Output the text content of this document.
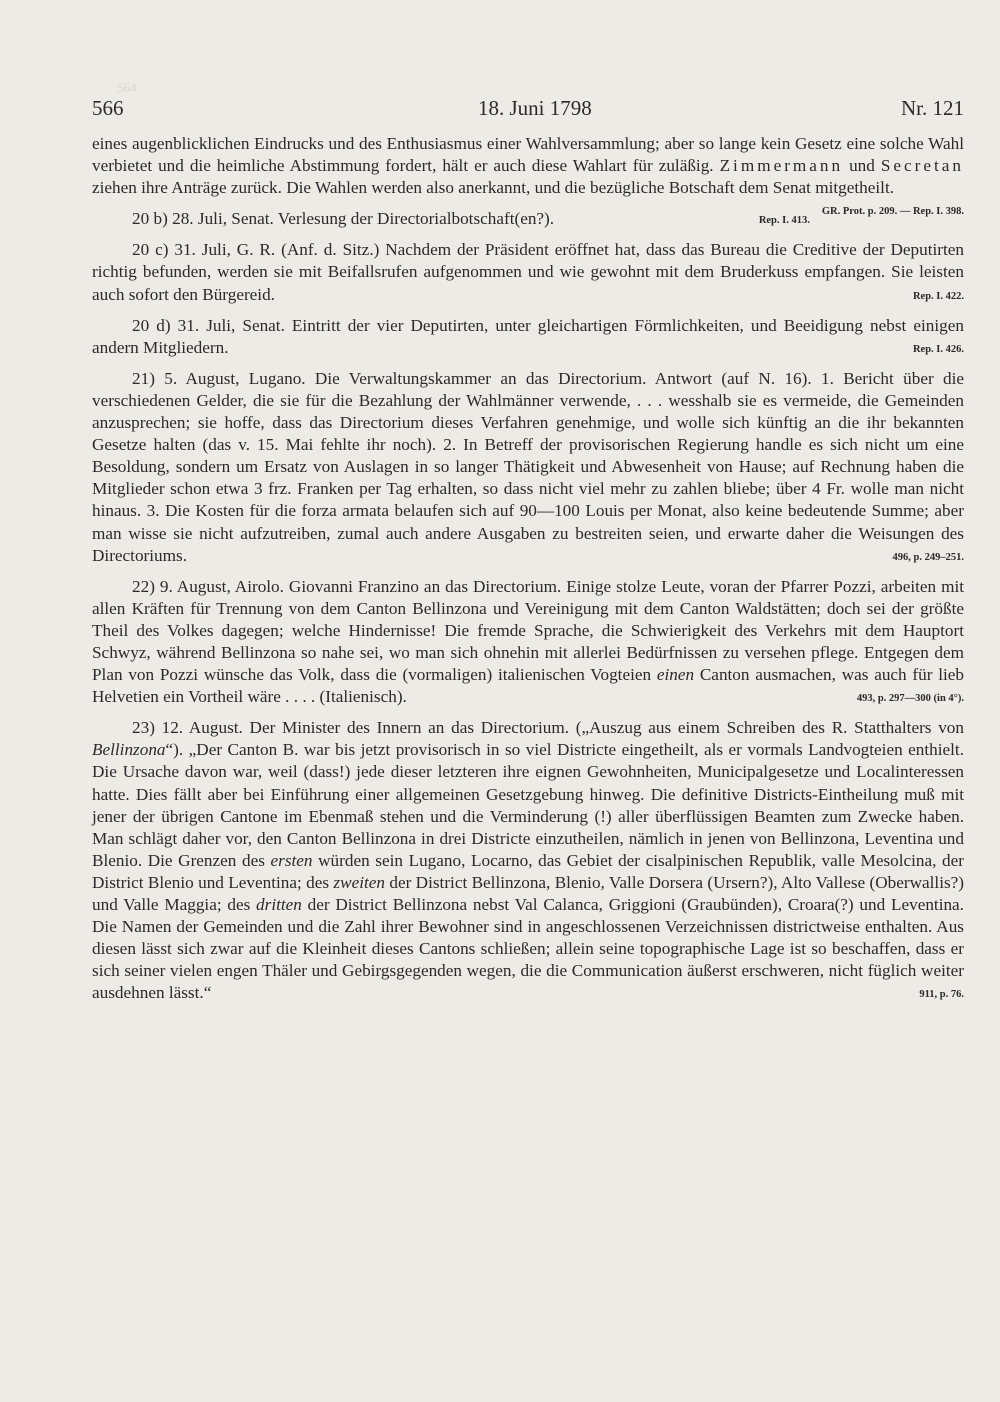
564
566	18. Juni 1798	Nr. 121

eines augenblicklichen Eindrucks und des Enthusiasmus einer Wahlversammlung; aber so lange kein Gesetz eine solche Wahl verbietet und die heimliche Abstimmung fordert, hält er auch diese Wahlart für zuläßig. Zimmermann und Secretan ziehen ihre Anträge zurück. Die Wahlen werden also anerkannt, und die bezügliche Botschaft dem Senat mitgetheilt.
GR. Prot. p. 209. — Rep. I. 398.

20 b) 28. Juli, Senat. Verlesung der Directorialbotschaft(en?).	Rep. I. 413.

20 c) 31. Juli, G. R. (Anf. d. Sitz.) Nachdem der Präsident eröffnet hat, dass das Bureau die Creditive der Deputirten richtig befunden, werden sie mit Beifallsrufen aufgenommen und wie gewohnt mit dem Bruderkuss empfangen. Sie leisten auch sofort den Bürgereid.	Rep. I. 422.

20 d) 31. Juli, Senat. Eintritt der vier Deputirten, unter gleichartigen Förmlichkeiten, und Beeidigung nebst einigen andern Mitgliedern.	Rep. I. 426.

21) 5. August, Lugano. Die Verwaltungskammer an das Directorium. Antwort (auf N. 16). 1. Bericht über die verschiedenen Gelder, die sie für die Bezahlung der Wahlmänner verwende, . . . wesshalb sie es vermeide, die Gemeinden anzusprechen; sie hoffe, dass das Directorium dieses Verfahren genehmige, und wolle sich künftig an die ihr bekannten Gesetze halten (das v. 15. Mai fehlte ihr noch). 2. In Betreff der provisorischen Regierung handle es sich nicht um eine Besoldung, sondern um Ersatz von Auslagen in so langer Thätigkeit und Abwesenheit von Hause; auf Rechnung haben die Mitglieder schon etwa 3 frz. Franken per Tag erhalten, so dass nicht viel mehr zu zahlen bliebe; über 4 Fr. wolle man nicht hinaus. 3. Die Kosten für die forza armata belaufen sich auf 90—100 Louis per Monat, also keine bedeutende Summe; aber man wisse sie nicht aufzutreiben, zumal auch andere Ausgaben zu bestreiten seien, und erwarte daher die Weisungen des Directoriums.	496, p. 249–251.

22) 9. August, Airolo. Giovanni Franzino an das Directorium. Einige stolze Leute, voran der Pfarrer Pozzi, arbeiten mit allen Kräften für Trennung von dem Canton Bellinzona und Vereinigung mit dem Canton Waldstätten; doch sei der größte Theil des Volkes dagegen; welche Hindernisse! Die fremde Sprache, die Schwierigkeit des Verkehrs mit dem Hauptort Schwyz, während Bellinzona so nahe sei, wo man sich ohnehin mit allerlei Bedürfnissen zu versehen pflege. Entgegen dem Plan von Pozzi wünsche das Volk, dass die (vormaligen) italienischen Vogteien einen Canton ausmachen, was auch für lieb Helvetien ein Vortheil wäre . . . . (Italienisch).	493, p. 297—300 (in 4°).

23) 12. August. Der Minister des Innern an das Directorium. („Auszug aus einem Schreiben des R. Statthalters von Bellinzona“). „Der Canton B. war bis jetzt provisorisch in so viel Districte eingetheilt, als er vormals Landvogteien enthielt. Die Ursache davon war, weil (dass!) jede dieser letzteren ihre eignen Gewohnheiten, Municipalgesetze und Localinteressen hatte. Dies fällt aber bei Einführung einer allgemeinen Gesetzgebung hinweg. Die definitive Districts-Eintheilung muß mit jener der übrigen Cantone im Ebenmaß stehen und die Verminderung (!) aller überflüssigen Beamten zum Zwecke haben. Man schlägt daher vor, den Canton Bellinzona in drei Districte einzutheilen, nämlich in jenen von Bellinzona, Leventina und Blenio. Die Grenzen des ersten würden sein Lugano, Locarno, das Gebiet der cisalpinischen Republik, valle Mesolcina, der District Blenio und Leventina; des zweiten der District Bellinzona, Blenio, Valle Dorsera (Ursern?), Alto Vallese (Oberwallis?) und Valle Maggia; des dritten der District Bellinzona nebst Val Calanca, Griggioni (Graubünden), Croara(?) und Leventina. Die Namen der Gemeinden und die Zahl ihrer Bewohner sind in angeschlossenen Verzeichnissen districtweise enthalten. Aus diesen lässt sich zwar auf die Kleinheit dieses Cantons schließen; allein seine topographische Lage ist so beschaffen, dass er sich seiner vielen engen Thäler und Gebirgsgegenden wegen, die die Communication äußerst erschweren, nicht füglich weiter ausdehnen lässt.“	911, p. 76.
